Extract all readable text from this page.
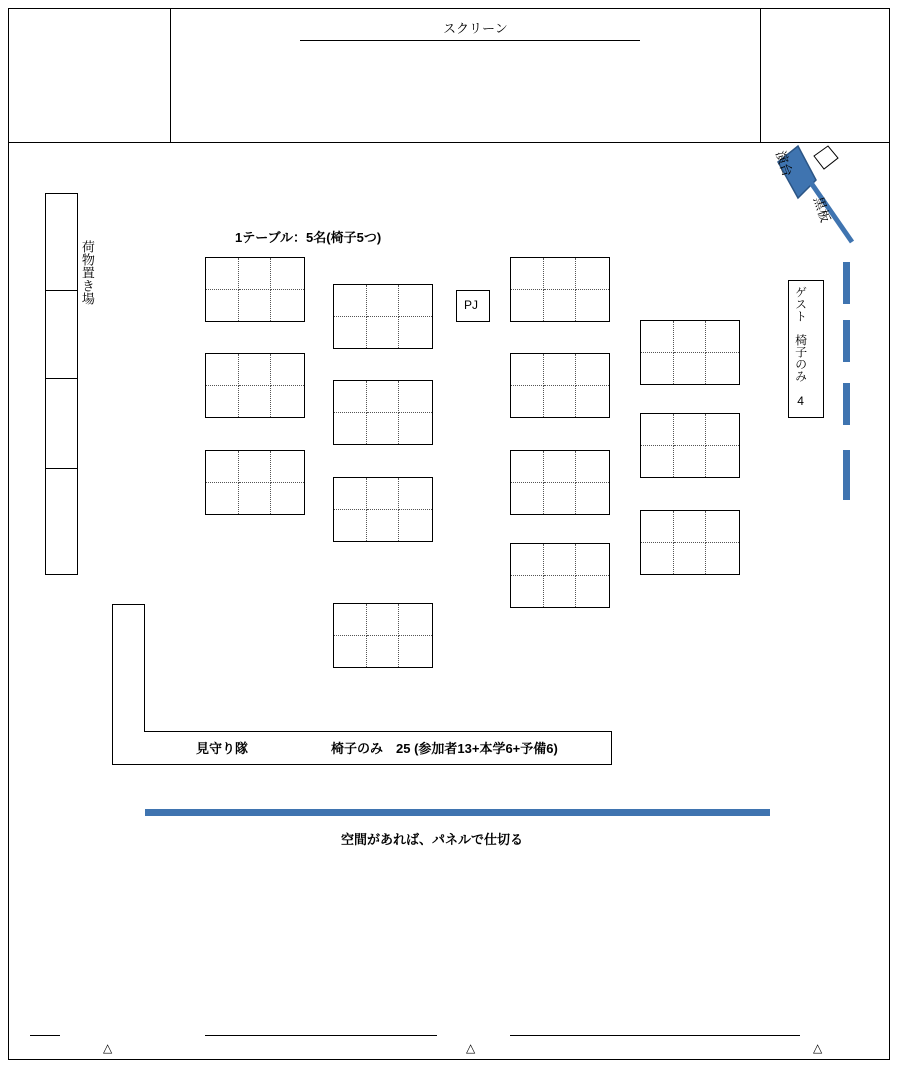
スクリーン
荷物置き場
1テーブル：5名(椅子5つ)
PJ
演台
黒板
ゲスト　椅子のみ　4
見守り隊	椅子のみ　25 (参加者13+本学6+予備6)
空間があれば、パネルで仕切る
△	△	△
